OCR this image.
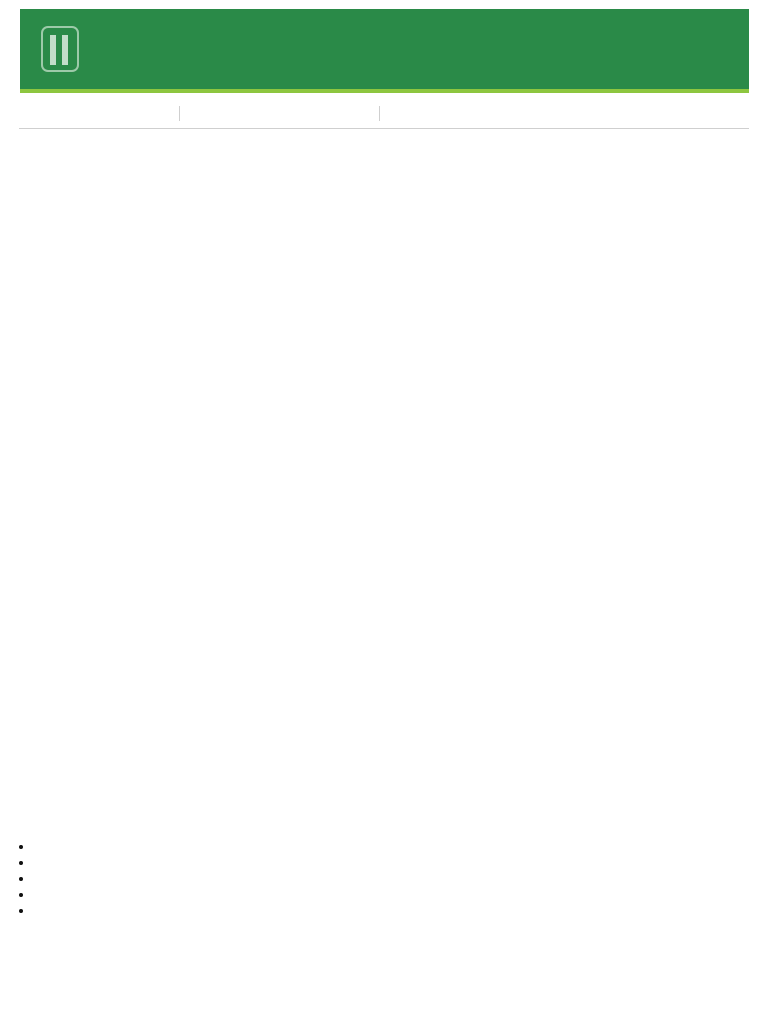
•
•
•
•
•
